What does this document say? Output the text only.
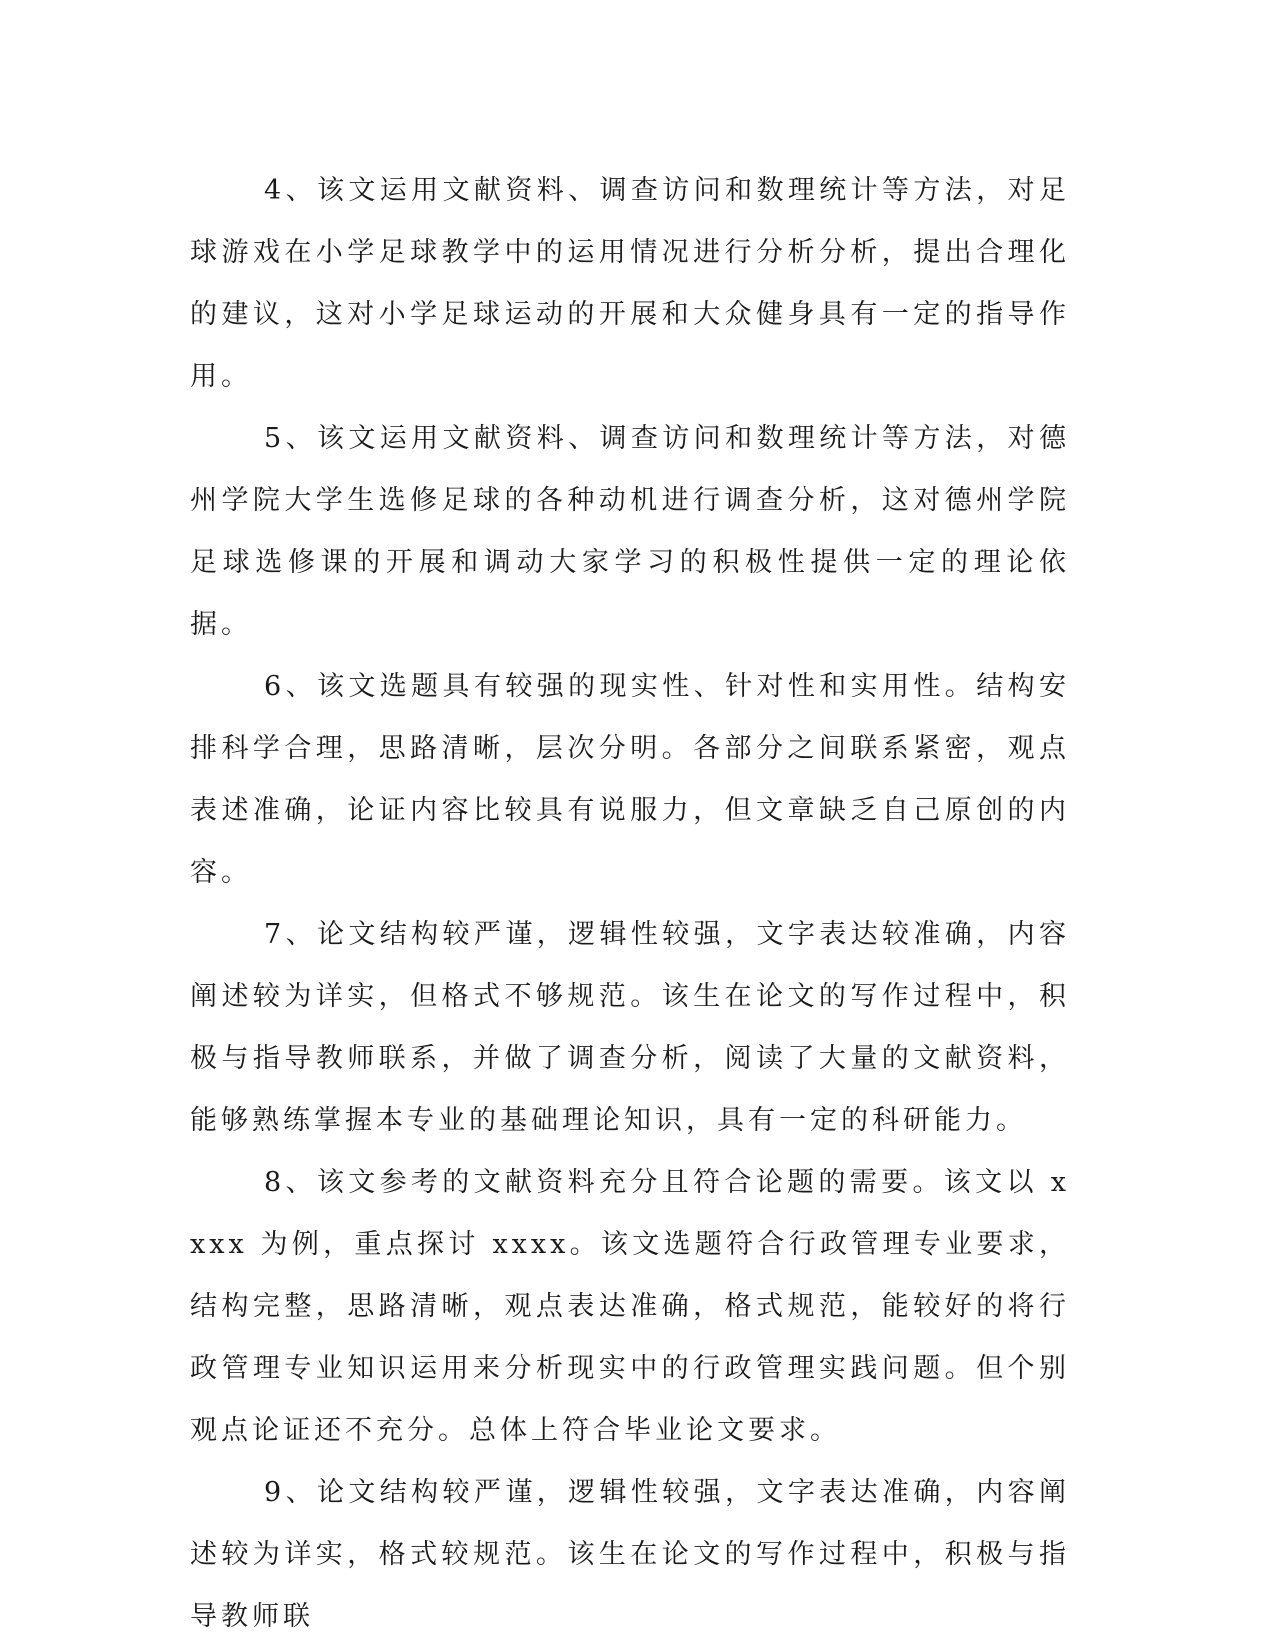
4、该文运用文献资料、调查访问和数理统计等方法，对足球游戏在小学足球教学中的运用情况进行分析分析，提出合理化的建议，这对小学足球运动的开展和大众健身具有一定的指导作用。

5、该文运用文献资料、调查访问和数理统计等方法，对德州学院大学生选修足球的各种动机进行调查分析，这对德州学院足球选修课的开展和调动大家学习的积极性提供一定的理论依据。

6、该文选题具有较强的现实性、针对性和实用性。结构安排科学合理，思路清晰，层次分明。各部分之间联系紧密，观点表述准确，论证内容比较具有说服力，但文章缺乏自己原创的内容。

7、论文结构较严谨，逻辑性较强，文字表达较准确，内容阐述较为详实，但格式不够规范。该生在论文的写作过程中，积极与指导教师联系，并做了调查分析，阅读了大量的文献资料，能够熟练掌握本专业的基础理论知识，具有一定的科研能力。

8、该文参考的文献资料充分且符合论题的需要。该文以 xxxx 为例，重点探讨 xxxx。该文选题符合行政管理专业要求，结构完整，思路清晰，观点表达准确，格式规范，能较好的将行政管理专业知识运用来分析现实中的行政管理实践问题。但个别观点论证还不充分。总体上符合毕业论文要求。

9、论文结构较严谨，逻辑性较强，文字表达准确，内容阐述较为详实，格式较规范。该生在论文的写作过程中，积极与指导教师联
